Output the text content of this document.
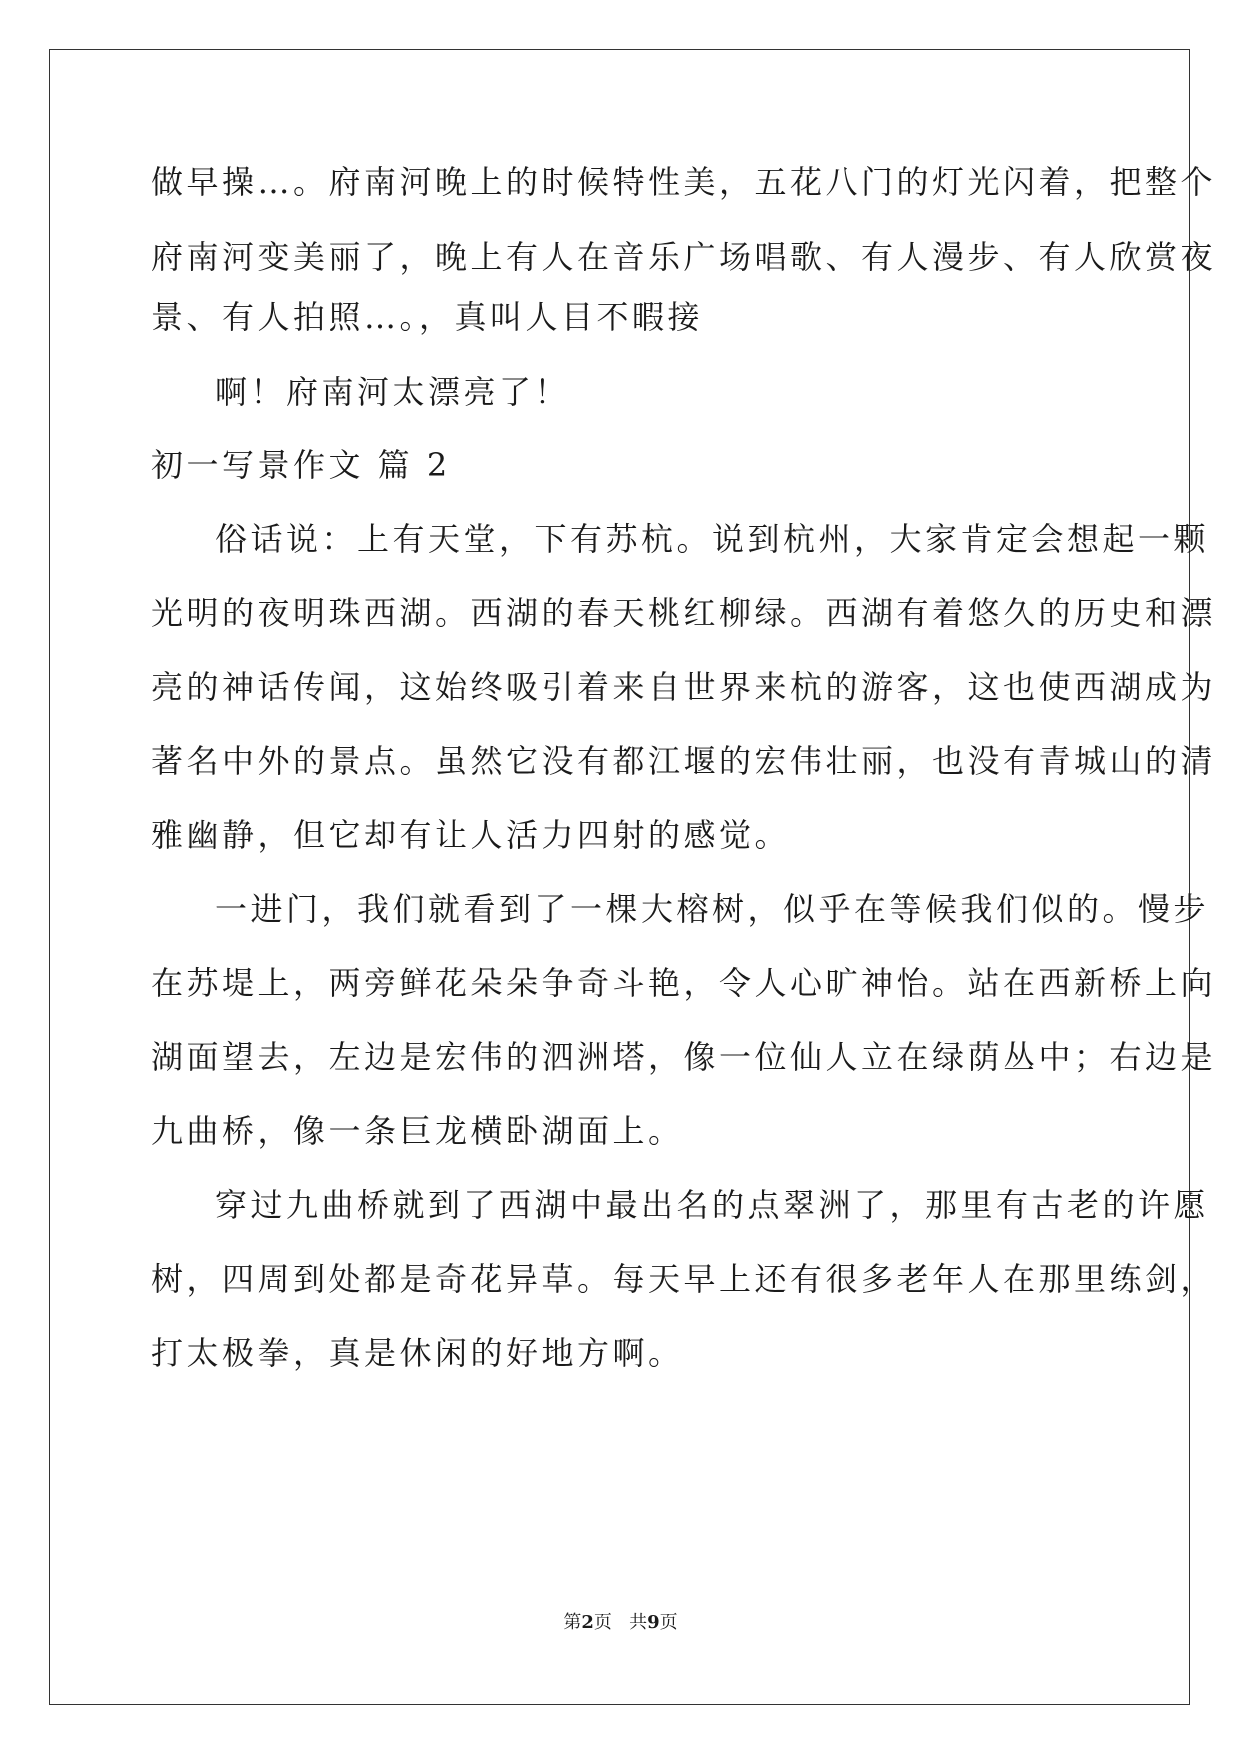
做早操…。府南河晚上的时候特性美，五花八门的灯光闪着，把整个
府南河变美丽了，晚上有人在音乐广场唱歌、有人漫步、有人欣赏夜
景、有人拍照…。，真叫人目不暇接
啊！府南河太漂亮了！
初一写景作文 篇 2
俗话说：上有天堂，下有苏杭。说到杭州，大家肯定会想起一颗
光明的夜明珠西湖。西湖的春天桃红柳绿。西湖有着悠久的历史和漂
亮的神话传闻，这始终吸引着来自世界来杭的游客，这也使西湖成为
著名中外的景点。虽然它没有都江堰的宏伟壮丽，也没有青城山的清
雅幽静，但它却有让人活力四射的感觉。
一进门，我们就看到了一棵大榕树，似乎在等候我们似的。慢步
在苏堤上，两旁鲜花朵朵争奇斗艳，令人心旷神怡。站在西新桥上向
湖面望去，左边是宏伟的泗洲塔，像一位仙人立在绿荫丛中；右边是
九曲桥，像一条巨龙横卧湖面上。
穿过九曲桥就到了西湖中最出名的点翠洲了，那里有古老的许愿
树，四周到处都是奇花异草。每天早上还有很多老年人在那里练剑，
打太极拳，真是休闲的好地方啊。
第2页   共9页
